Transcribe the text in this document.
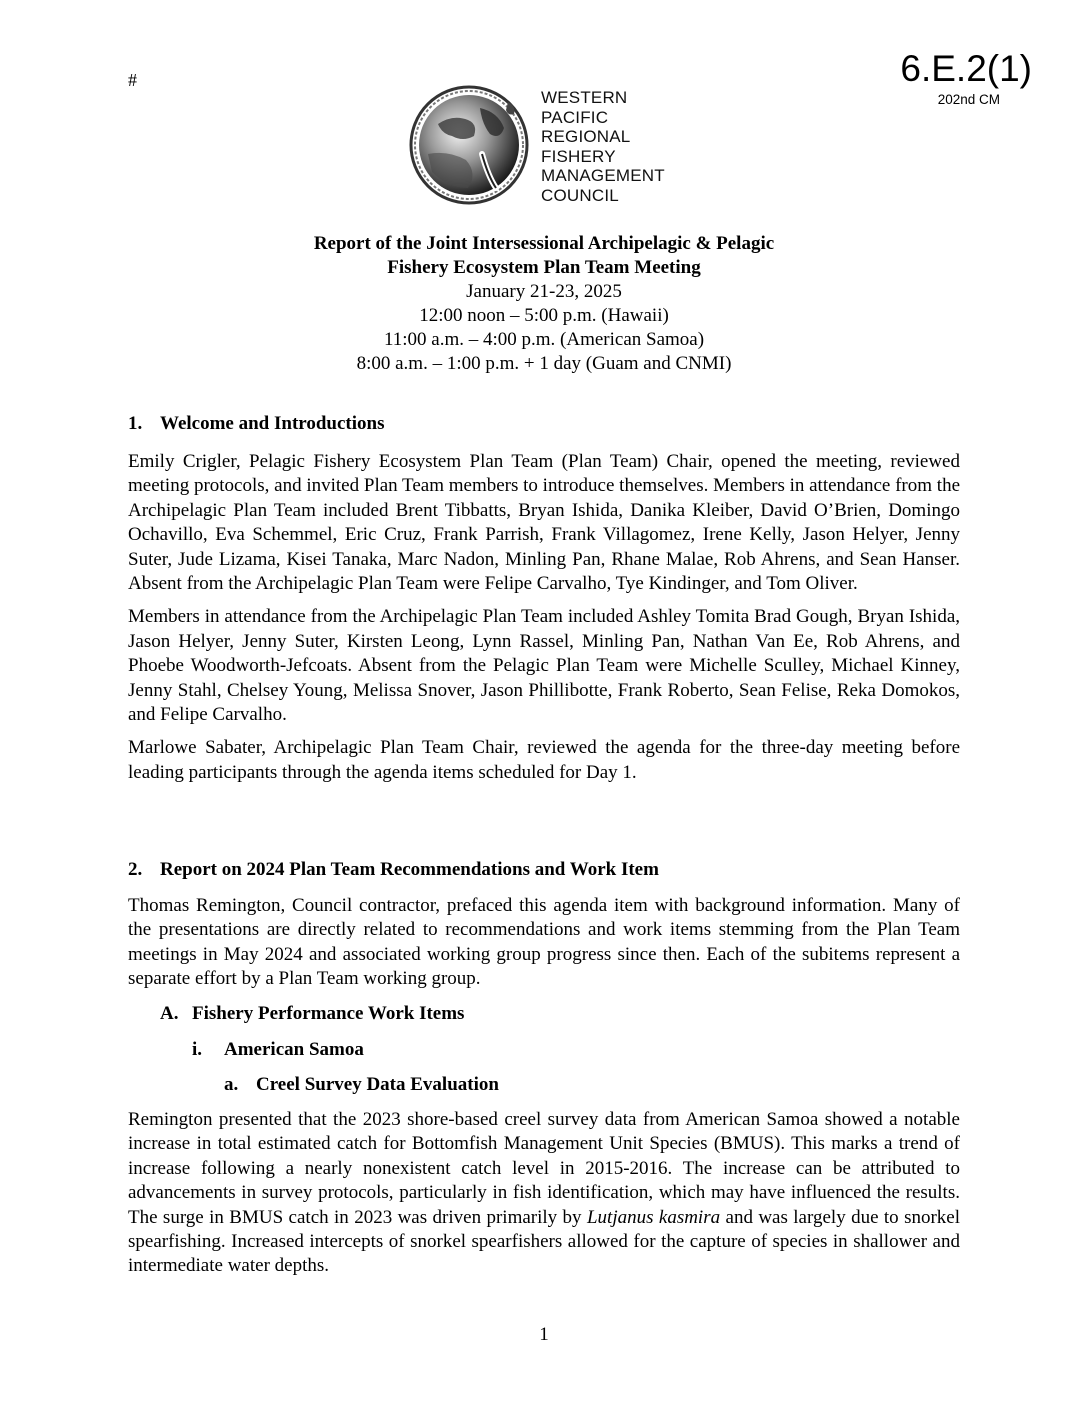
#	6.E.2(1)
202nd CM
WESTERN
PACIFIC
REGIONAL
FISHERY
MANAGEMENT
COUNCIL
Report of the Joint Intersessional Archipelagic & Pelagic
Fishery Ecosystem Plan Team Meeting
January 21-23, 2025
12:00 noon – 5:00 p.m. (Hawaii)
11:00 a.m. – 4:00 p.m. (American Samoa)
8:00 a.m. – 1:00 p.m. + 1 day (Guam and CNMI)
1. Welcome and Introductions

Emily Crigler, Pelagic Fishery Ecosystem Plan Team (Plan Team) Chair, opened the meeting, reviewed meeting protocols, and invited Plan Team members to introduce themselves. Members in attendance from the Archipelagic Plan Team included Brent Tibbatts, Bryan Ishida, Danika Kleiber, David O’Brien, Domingo Ochavillo, Eva Schemmel, Eric Cruz, Frank Parrish, Frank Villagomez, Irene Kelly, Jason Helyer, Jenny Suter, Jude Lizama, Kisei Tanaka, Marc Nadon, Minling Pan, Rhane Malae, Rob Ahrens, and Sean Hanser. Absent from the Archipelagic Plan Team were Felipe Carvalho, Tye Kindinger, and Tom Oliver.

Members in attendance from the Archipelagic Plan Team included Ashley Tomita Brad Gough, Bryan Ishida, Jason Helyer, Jenny Suter, Kirsten Leong, Lynn Rassel, Minling Pan, Nathan Van Ee, Rob Ahrens, and Phoebe Woodworth-Jefcoats. Absent from the Pelagic Plan Team were Michelle Sculley, Michael Kinney, Jenny Stahl, Chelsey Young, Melissa Snover, Jason Phillibotte, Frank Roberto, Sean Felise, Reka Domokos, and Felipe Carvalho.

Marlowe Sabater, Archipelagic Plan Team Chair, reviewed the agenda for the three-day meeting before leading participants through the agenda items scheduled for Day 1.

2. Report on 2024 Plan Team Recommendations and Work Item

Thomas Remington, Council contractor, prefaced this agenda item with background information. Many of the presentations are directly related to recommendations and work items stemming from the Plan Team meetings in May 2024 and associated working group progress since then. Each of the subitems represent a separate effort by a Plan Team working group.

A. Fishery Performance Work Items
i. American Samoa
a. Creel Survey Data Evaluation

Remington presented that the 2023 shore-based creel survey data from American Samoa showed a notable increase in total estimated catch for Bottomfish Management Unit Species (BMUS). This marks a trend of increase following a nearly nonexistent catch level in 2015-2016. The increase can be attributed to advancements in survey protocols, particularly in fish identification, which may have influenced the results. The surge in BMUS catch in 2023 was driven primarily by Lutjanus kasmira and was largely due to snorkel spearfishing. Increased intercepts of snorkel spearfishers allowed for the capture of species in shallower and intermediate water depths.

1
